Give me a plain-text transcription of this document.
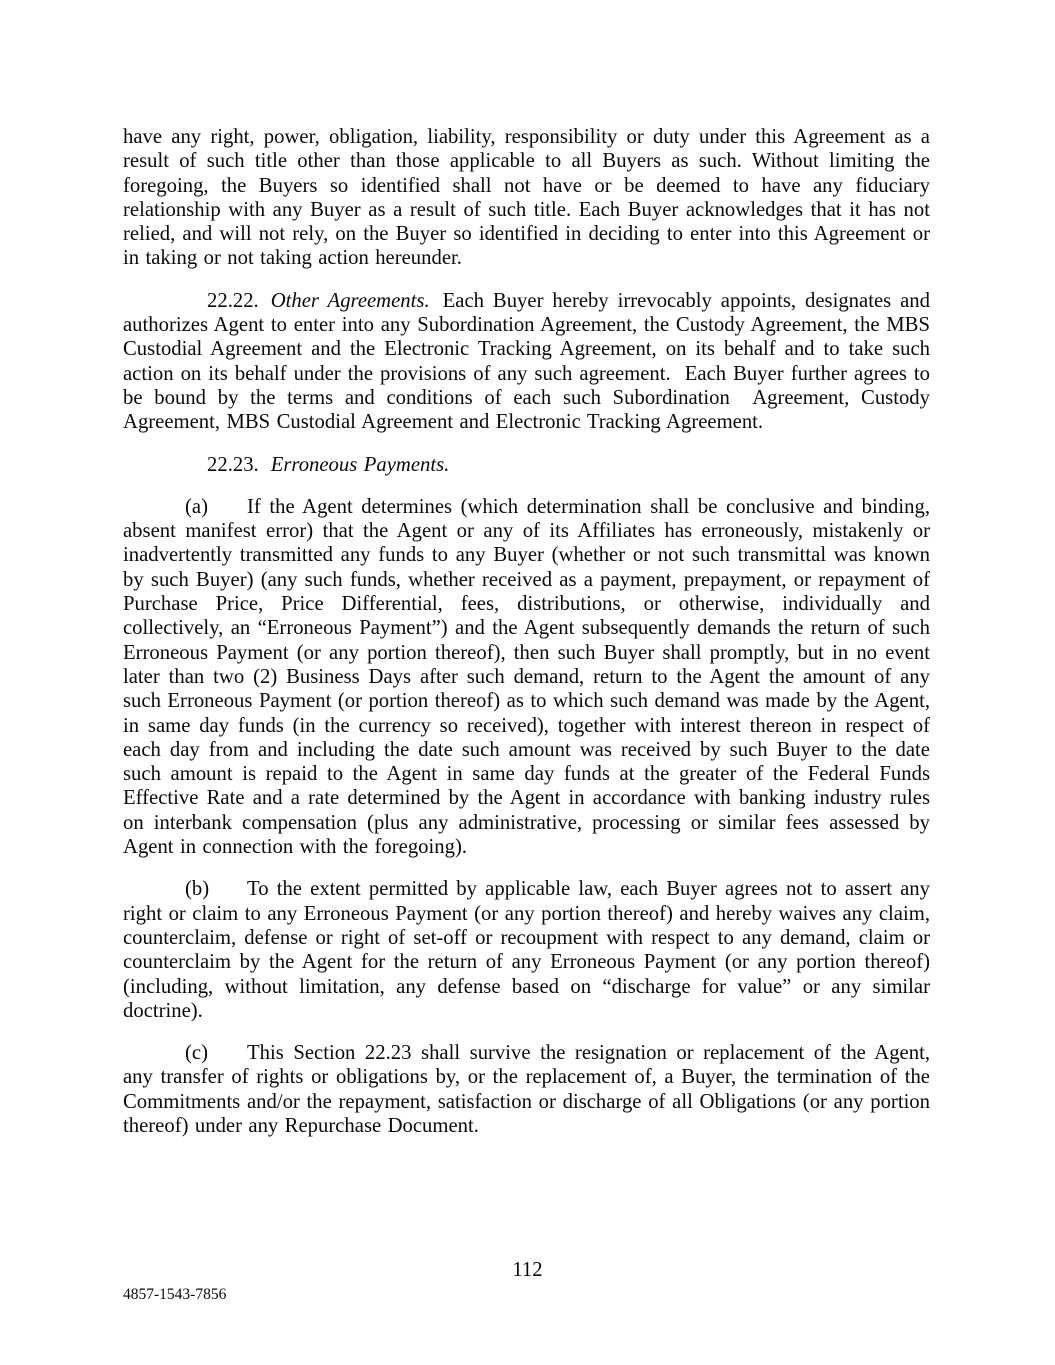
have any right, power, obligation, liability, responsibility or duty under this Agreement as a result of such title other than those applicable to all Buyers as such. Without limiting the foregoing, the Buyers so identified shall not have or be deemed to have any fiduciary relationship with any Buyer as a result of such title. Each Buyer acknowledges that it has not relied, and will not rely, on the Buyer so identified in deciding to enter into this Agreement or in taking or not taking action hereunder.

22.22. Other Agreements. Each Buyer hereby irrevocably appoints, designates and authorizes Agent to enter into any Subordination Agreement, the Custody Agreement, the MBS Custodial Agreement and the Electronic Tracking Agreement, on its behalf and to take such action on its behalf under the provisions of any such agreement.  Each Buyer further agrees to be bound by the terms and conditions of each such Subordination  Agreement, Custody Agreement, MBS Custodial Agreement and Electronic Tracking Agreement.

22.23. Erroneous Payments.

(a) If the Agent determines (which determination shall be conclusive and binding, absent manifest error) that the Agent or any of its Affiliates has erroneously, mistakenly or inadvertently transmitted any funds to any Buyer (whether or not such transmittal was known by such Buyer) (any such funds, whether received as a payment, prepayment, or repayment of Purchase Price, Price Differential, fees, distributions, or otherwise, individually and collectively, an “Erroneous Payment”) and the Agent subsequently demands the return of such Erroneous Payment (or any portion thereof), then such Buyer shall promptly, but in no event later than two (2) Business Days after such demand, return to the Agent the amount of any such Erroneous Payment (or portion thereof) as to which such demand was made by the Agent, in same day funds (in the currency so received), together with interest thereon in respect of each day from and including the date such amount was received by such Buyer to the date such amount is repaid to the Agent in same day funds at the greater of the Federal Funds Effective Rate and a rate determined by the Agent in accordance with banking industry rules on interbank compensation (plus any administrative, processing or similar fees assessed by Agent in connection with the foregoing).

(b) To the extent permitted by applicable law, each Buyer agrees not to assert any right or claim to any Erroneous Payment (or any portion thereof) and hereby waives any claim, counterclaim, defense or right of set-off or recoupment with respect to any demand, claim or counterclaim by the Agent for the return of any Erroneous Payment (or any portion thereof) (including, without limitation, any defense based on “discharge for value” or any similar doctrine).

(c) This Section 22.23 shall survive the resignation or replacement of the Agent, any transfer of rights or obligations by, or the replacement of, a Buyer, the termination of the Commitments and/or the repayment, satisfaction or discharge of all Obligations (or any portion thereof) under any Repurchase Document.

112
4857-1543-7856
